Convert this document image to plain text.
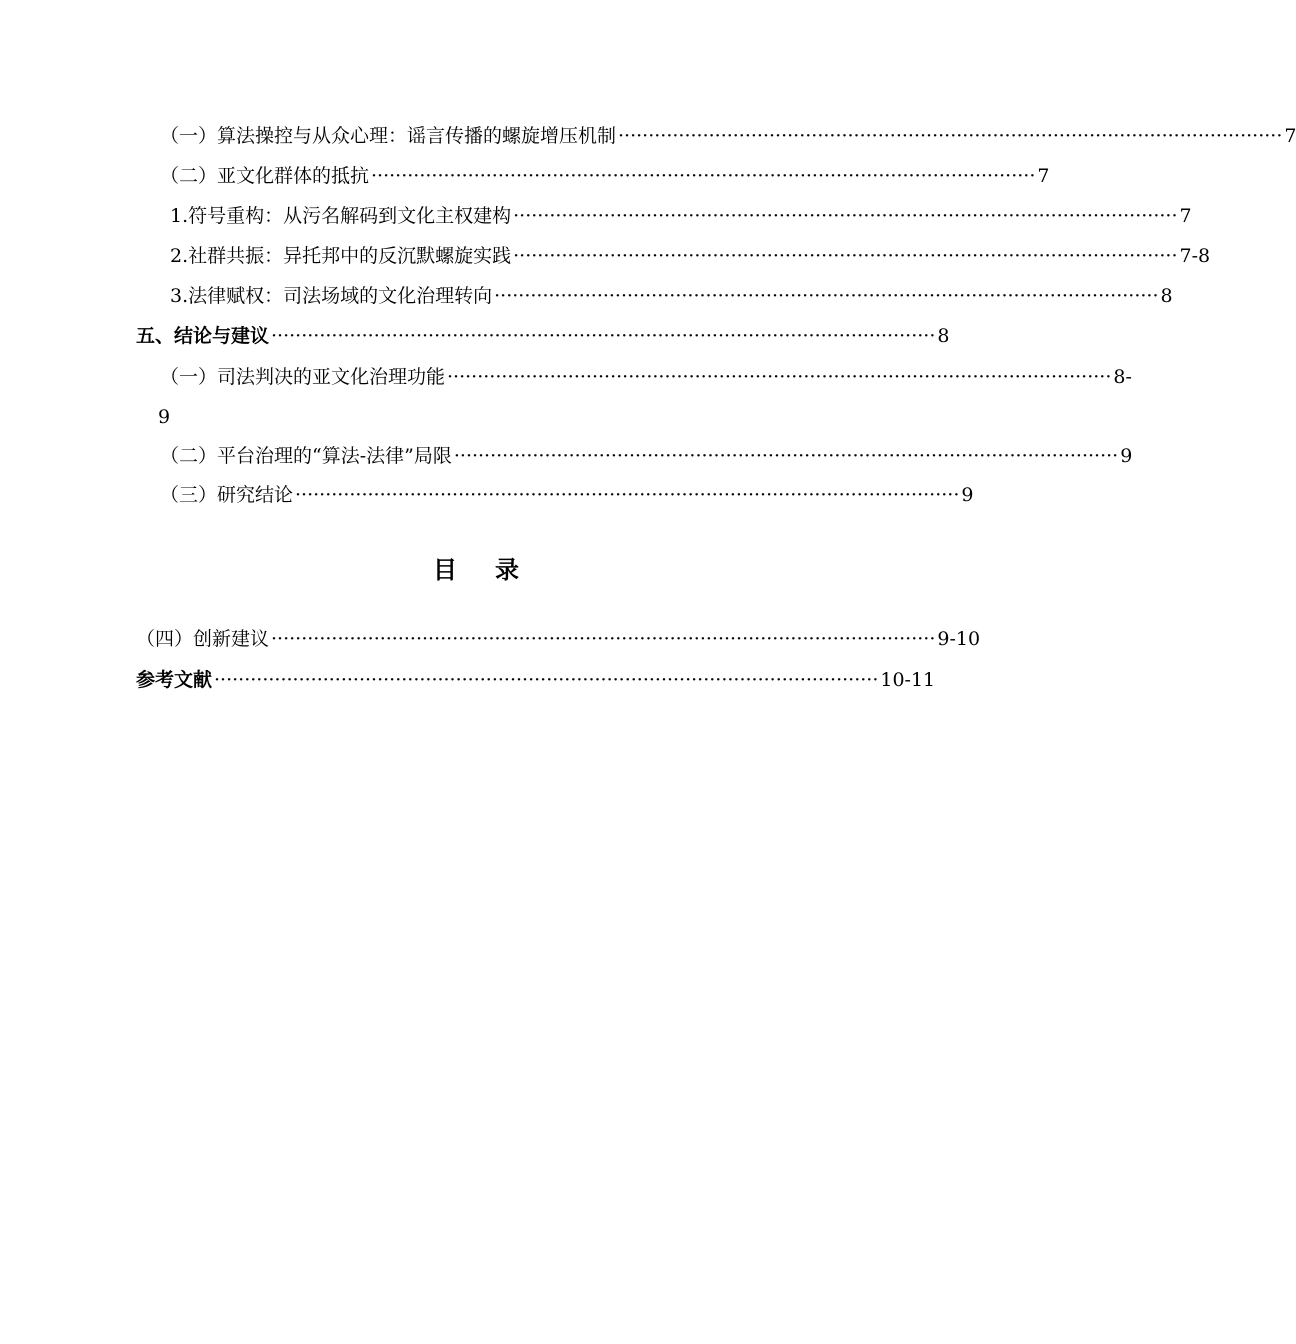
（一）算法操控与从众心理：谣言传播的螺旋增压机制 ·············································································································· 7
（二）亚文化群体的抵抗 ·············································································································· 7
1.符号重构：从污名解码到文化主权建构 ·············································································································· 7
2.社群共振：异托邦中的反沉默螺旋实践 ·············································································································· 7-8
3.法律赋权：司法场域的文化治理转向 ·············································································································· 8
五、结论与建议 ·············································································································· 8
（一）司法判决的亚文化治理功能 ·············································································································· 8-
9
（二）平台治理的“算法-法律”局限 ·············································································································· 9
（三）研究结论 ·············································································································· 9
目录
（四）创新建议 ·············································································································· 9-10
参考文献 ·············································································································· 10-11
